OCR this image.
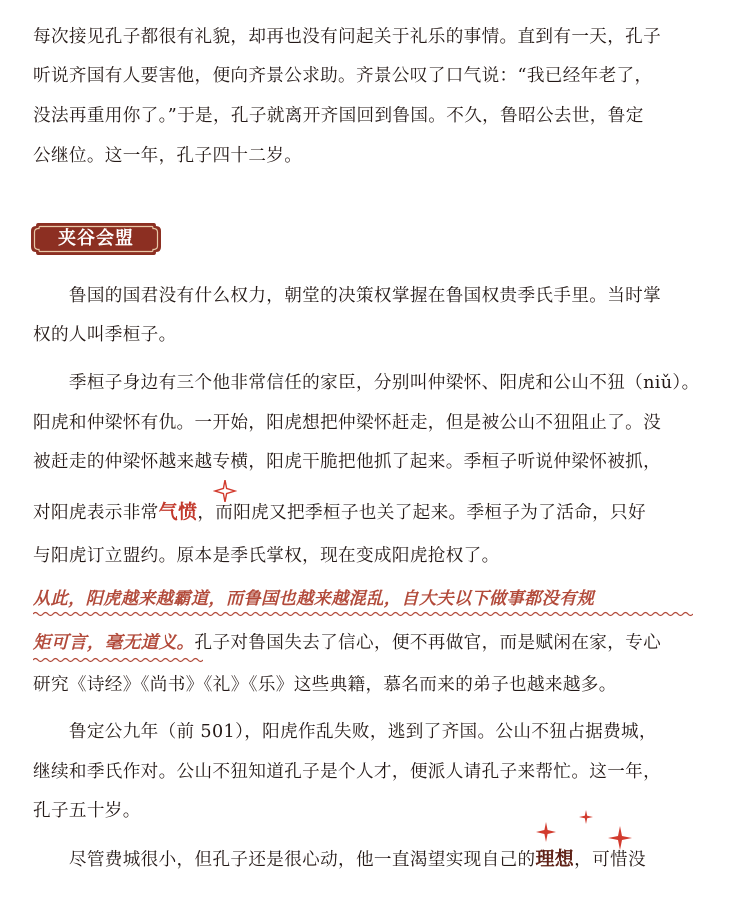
每次接见孔子都很有礼貌，却再也没有问起关于礼乐的事情。直到有一天，孔子
听说齐国有人要害他，便向齐景公求助。齐景公叹了口气说：“我已经年老了，
没法再重用你了。”于是，孔子就离开齐国回到鲁国。不久，鲁昭公去世，鲁定
公继位。这一年，孔子四十二岁。
夹谷会盟
　　鲁国的国君没有什么权力，朝堂的决策权掌握在鲁国权贵季氏手里。当时掌
权的人叫季桓子。
　　季桓子身边有三个他非常信任的家臣，分别叫仲梁怀、阳虎和公山不狃（niǔ）。
阳虎和仲梁怀有仇。一开始，阳虎想把仲梁怀赶走，但是被公山不狃阻止了。没
被赶走的仲梁怀越来越专横，阳虎干脆把他抓了起来。季桓子听说仲梁怀被抓，
对阳虎表示非常气愤，而阳虎又把季桓子也关了起来。季桓子为了活命，只好
与阳虎订立盟约。原本是季氏掌权，现在变成阳虎抢权了。
从此，阳虎越来越霸道，而鲁国也越来越混乱，自大夫以下做事都没有规
矩可言，毫无道义。孔子对鲁国失去了信心，便不再做官，而是赋闲在家，专心
研究《诗经》《尚书》《礼》《乐》这些典籍，慕名而来的弟子也越来越多。
　　鲁定公九年（前 501），阳虎作乱失败，逃到了齐国。公山不狃占据费城，
继续和季氏作对。公山不狃知道孔子是个人才，便派人请孔子来帮忙。这一年，
孔子五十岁。
　　尽管费城很小，但孔子还是很心动，他一直渴望实现自己的理想，可惜没
